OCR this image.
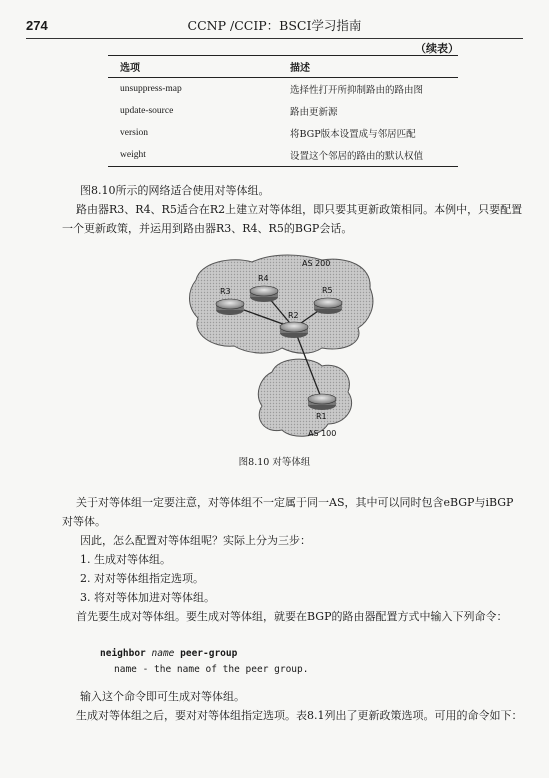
274	CCNP /CCIP：BSCI学习指南
（续表）
选项	描述
unsuppress-map	选择性打开所抑制路由的路由图
update-source	路由更新源
version	将BGP版本设置成与邻居匹配
weight	设置这个邻居的路由的默认权值
图8.10所示的网络适合使用对等体组。
路由器R3、R4、R5适合在R2上建立对等体组，即只要其更新政策相同。本例中，只要配置一个更新政策，并运用到路由器R3、R4、R5的BGP会话。
AS 200
AS 100
R3
R4
R5
R2
R1
图8.10 对等体组
关于对等体组一定要注意，对等体组不一定属于同一AS，其中可以同时包含eBGP与iBGP对等体。
因此，怎么配置对等体组呢？实际上分为三步：
1. 生成对等体组。
2. 对对等体组指定选项。
3. 将对等体加进对等体组。
首先要生成对等体组。要生成对等体组，就要在BGP的路由器配置方式中输入下列命令：
neighbor name peer-group
name - the name of the peer group.
输入这个命令即可生成对等体组。
生成对等体组之后，要对对等体组指定选项。表8.1列出了更新政策选项。可用的命令如下：
